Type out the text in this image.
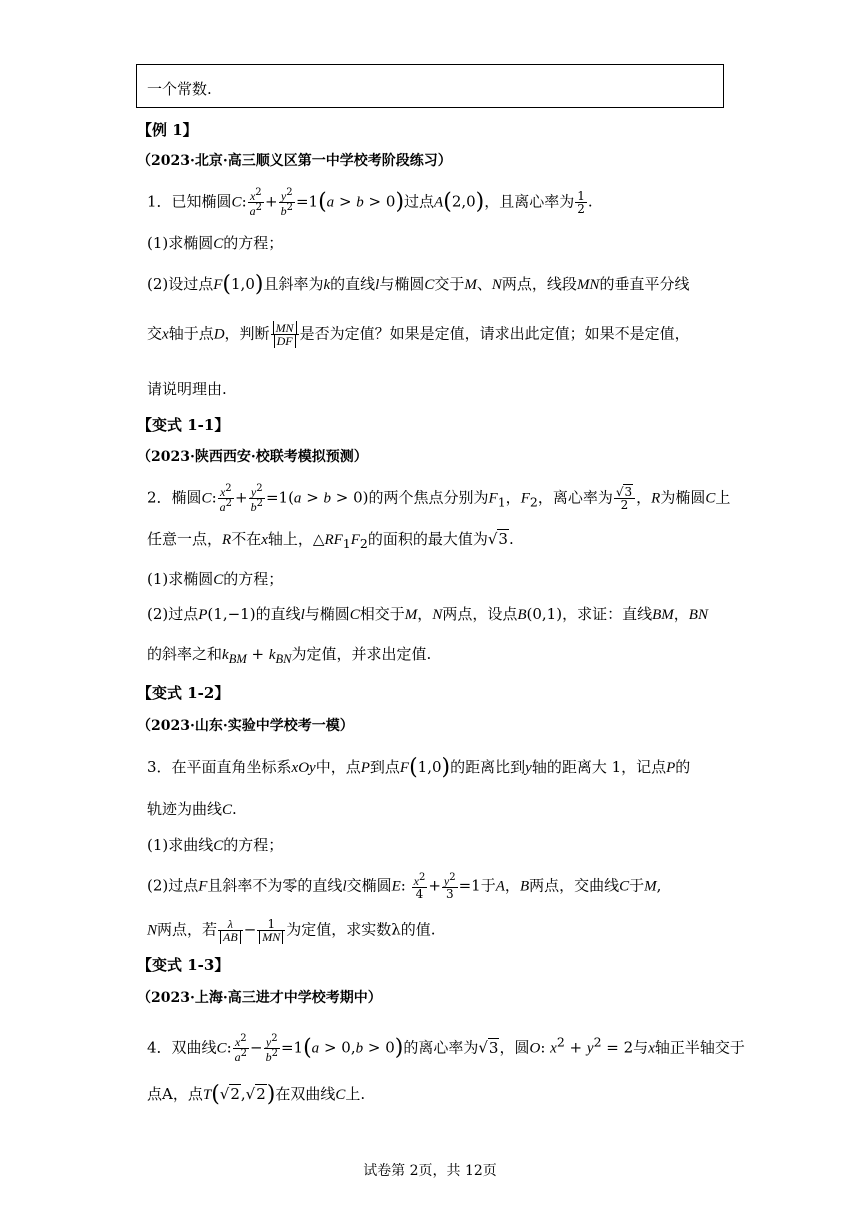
一个常数.
【例 1】
（2023·北京·高三顺义区第一中学校考阶段练习）
1．已知椭圆C: $\frac{x^2}{a^2} + \frac{y^2}{b^2} =1(a > b > 0)$过点A(2,0)，且离心率为 $\frac{1}{2}$ .
(1)求椭圆C的方程；
(2)设过点F(1,0)且斜率为k的直线l与椭圆C交于M、N两点，线段MN的垂直平分线
交x轴于点D，判断 $\frac{MN}{DF}$ 是否为定值？如果是定值，请求出此定值；如果不是定值，
请说明理由.
【变式 1-1】
（2023·陕西西安·校联考模拟预测）
2．椭圆C: $\frac{x^2}{a^2} + \frac{y^2}{b^2} =1(a > b > 0)$的两个焦点分别为$F_1$，$F_2$，离心率为 $\frac{√3}{2}$ ，R为椭圆C上
任意一点，R不在x轴上，$\triangle RF_1F_2$的面积的最大值为√3.
(1)求椭圆C的方程；
(2)过点P(1,−1)的直线l与椭圆C相交于M，N两点，设点B(0,1)，求证：直线BM，BN
的斜率之和$k_{BM} + k_{BN}$为定值，并求出定值.
【变式 1-2】
（2023·山东·实验中学校考一模）
3．在平面直角坐标系xOy中，点P到点F(1,0)的距离比到y轴的距离大 1，记点P的
轨迹为曲线C.
(1)求曲线C的方程；
(2)过点F且斜率不为零的直线l交椭圆E: $\frac{x^2}{4} + \frac{y^2}{3} =1$于A，B两点，交曲线C于M,
N两点，若 $\frac{\lambda}{AB} - \frac{1}{MN}$ 为定值，求实数λ的值.
【变式 1-3】
（2023·上海·高三进才中学校考期中）
4．双曲线C: $\frac{x^2}{a^2} - \frac{y^2}{b^2} =1(a > 0,b > 0)$的离心率为√3，圆O: $x^2 + y^2 = 2$与x轴正半轴交于
点A，点T(√2,√2)在双曲线C上.
试卷第 2页，共 12页
